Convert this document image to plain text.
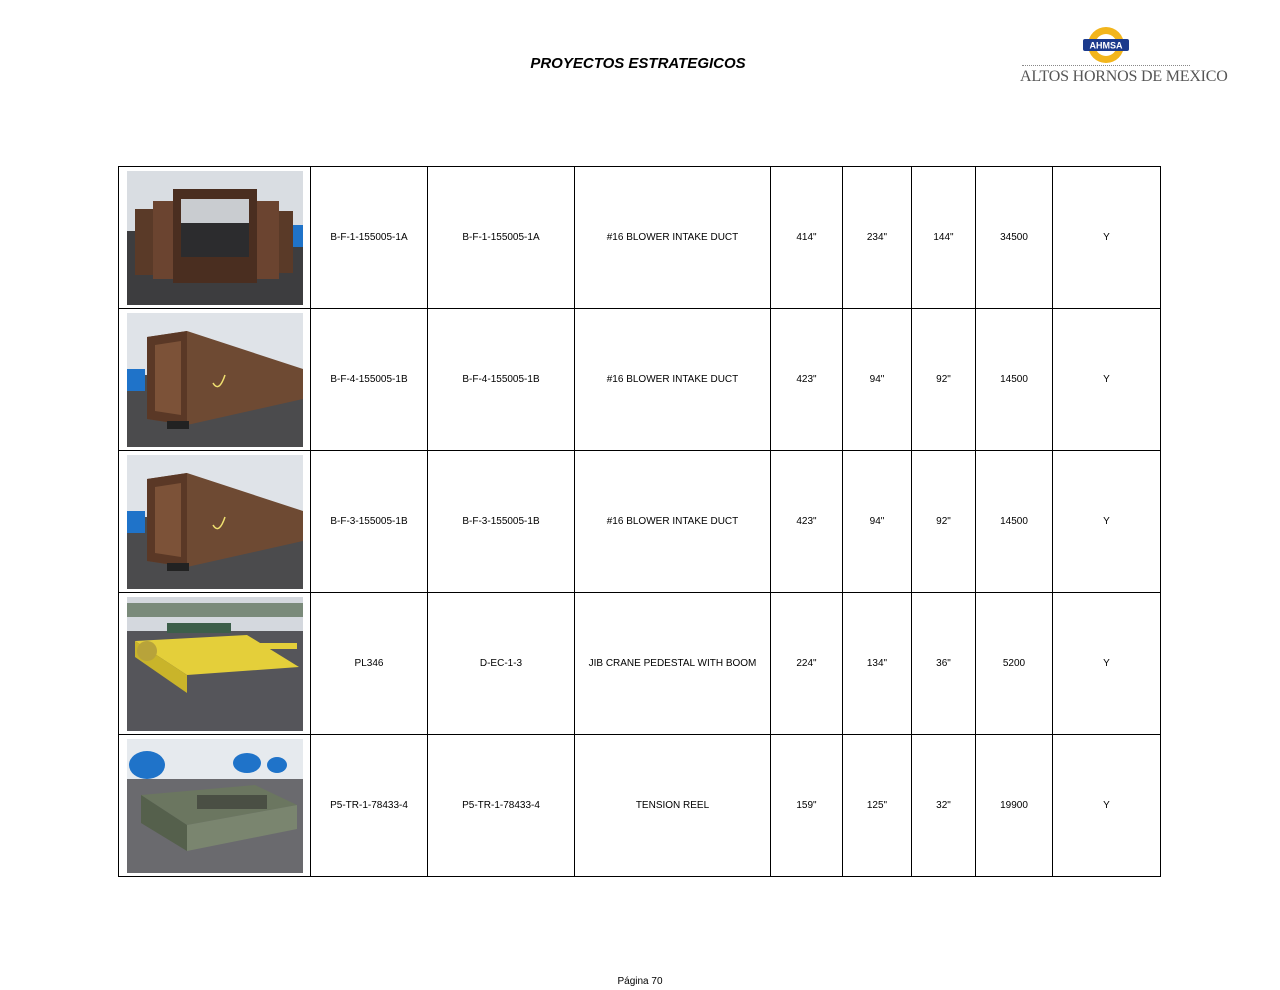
PROYECTOS ESTRATEGICOS
AHMSA
ALTOS HORNOS DE MEXICO
	B-F-1-155005-1A	B-F-1-155005-1A	#16 BLOWER INTAKE DUCT	414"	234"	144"	34500	Y

	B-F-4-155005-1B	B-F-4-155005-1B	#16 BLOWER INTAKE DUCT	423"	94"	92"	14500	Y

	B-F-3-155005-1B	B-F-3-155005-1B	#16 BLOWER INTAKE DUCT	423"	94"	92"	14500	Y

	PL346	D-EC-1-3	JIB CRANE PEDESTAL WITH BOOM	224"	134"	36"	5200	Y

	P5-TR-1-78433-4	P5-TR-1-78433-4	TENSION REEL	159"	125"	32"	19900	Y
Página 70
